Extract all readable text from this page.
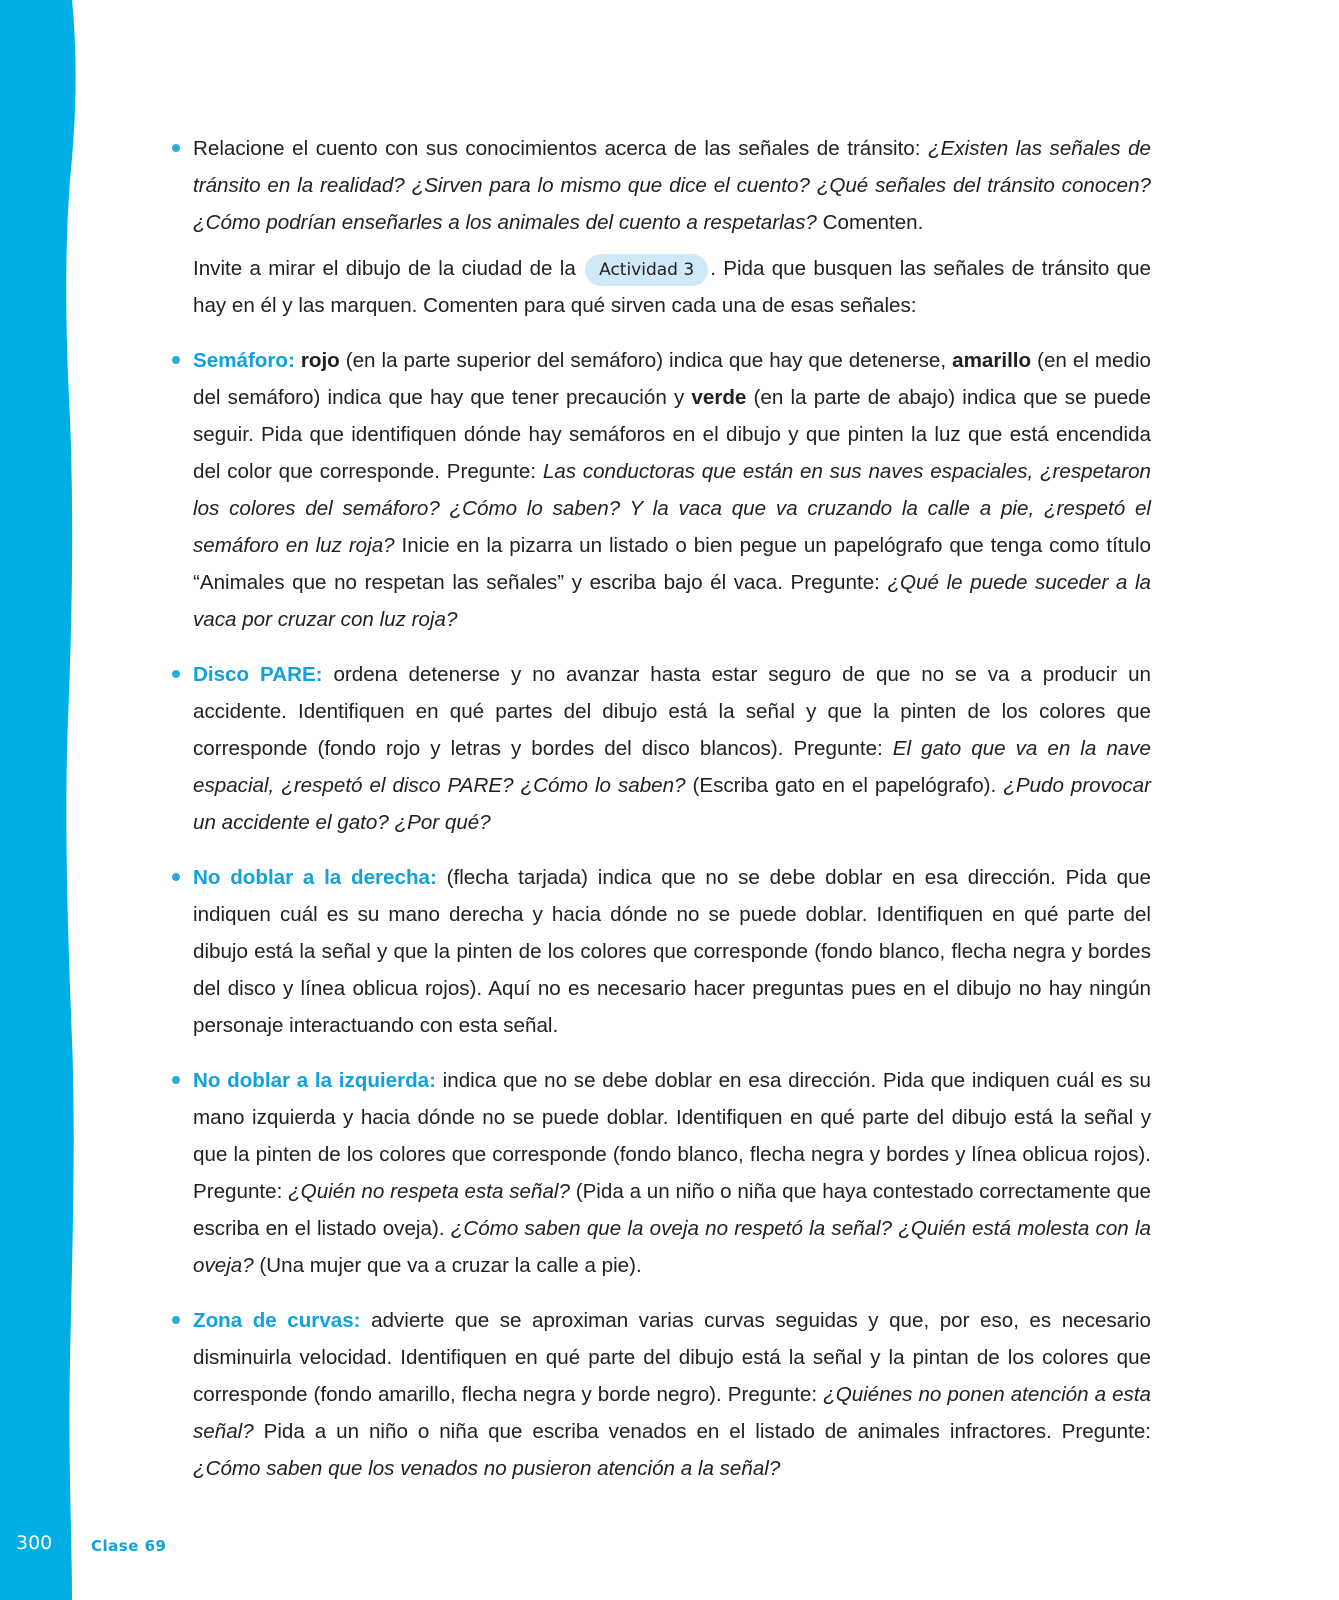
300	Clase 69
Relacione el cuento con sus conocimientos acerca de las señales de tránsito: ¿Existen las señales de tránsito en la realidad? ¿Sirven para lo mismo que dice el cuento? ¿Qué señales del tránsito conocen? ¿Cómo podrían enseñarles a los animales del cuento a respetarlas? Comenten.
Invite a mirar el dibujo de la ciudad de la Actividad 3 . Pida que busquen las señales de tránsito que hay en él y las marquen. Comenten para qué sirven cada una de esas señales:
Semáforo: rojo (en la parte superior del semáforo) indica que hay que detenerse, amarillo (en el medio del semáforo) indica que hay que tener precaución y verde (en la parte de abajo) indica que se puede seguir. Pida que identifiquen dónde hay semáforos en el dibujo y que pinten la luz que está encendida del color que corresponde. Pregunte: Las conductoras que están en sus naves espaciales, ¿respetaron los colores del semáforo? ¿Cómo lo saben? Y la vaca que va cruzando la calle a pie, ¿respetó el semáforo en luz roja? Inicie en la pizarra un listado o bien pegue un papelógrafo que tenga como título “Animales que no respetan las señales” y escriba bajo él vaca. Pregunte: ¿Qué le puede suceder a la vaca por cruzar con luz roja?
Disco PARE: ordena detenerse y no avanzar hasta estar seguro de que no se va a producir un accidente. Identifiquen en qué partes del dibujo está la señal y que la pinten de los colores que corresponde (fondo rojo y letras y bordes del disco blancos). Pregunte: El gato que va en la nave espacial, ¿respetó el disco PARE? ¿Cómo lo saben? (Escriba gato en el papelógrafo). ¿Pudo provocar un accidente el gato? ¿Por qué?
No doblar a la derecha: (flecha tarjada) indica que no se debe doblar en esa dirección. Pida que indiquen cuál es su mano derecha y hacia dónde no se puede doblar. Identifiquen en qué parte del dibujo está la señal y que la pinten de los colores que corresponde (fondo blanco, flecha negra y bordes del disco y línea oblicua rojos). Aquí no es necesario hacer preguntas pues en el dibujo no hay ningún personaje interactuando con esta señal.
No doblar a la izquierda: indica que no se debe doblar en esa dirección. Pida que indiquen cuál es su mano izquierda y hacia dónde no se puede doblar. Identifiquen en qué parte del dibujo está la señal y que la pinten de los colores que corresponde (fondo blanco, flecha negra y bordes y línea oblicua rojos). Pregunte: ¿Quién no respeta esta señal? (Pida a un niño o niña que haya contestado correctamente que escriba en el listado oveja). ¿Cómo saben que la oveja no respetó la señal? ¿Quién está molesta con la oveja? (Una mujer que va a cruzar la calle a pie).
Zona de curvas: advierte que se aproximan varias curvas seguidas y que, por eso, es necesario disminuirla velocidad. Identifiquen en qué parte del dibujo está la señal y la pintan de los colores que corresponde (fondo amarillo, flecha negra y borde negro). Pregunte: ¿Quiénes no ponen atención a esta señal? Pida a un niño o niña que escriba venados en el listado de animales infractores. Pregunte: ¿Cómo saben que los venados no pusieron atención a la señal?
